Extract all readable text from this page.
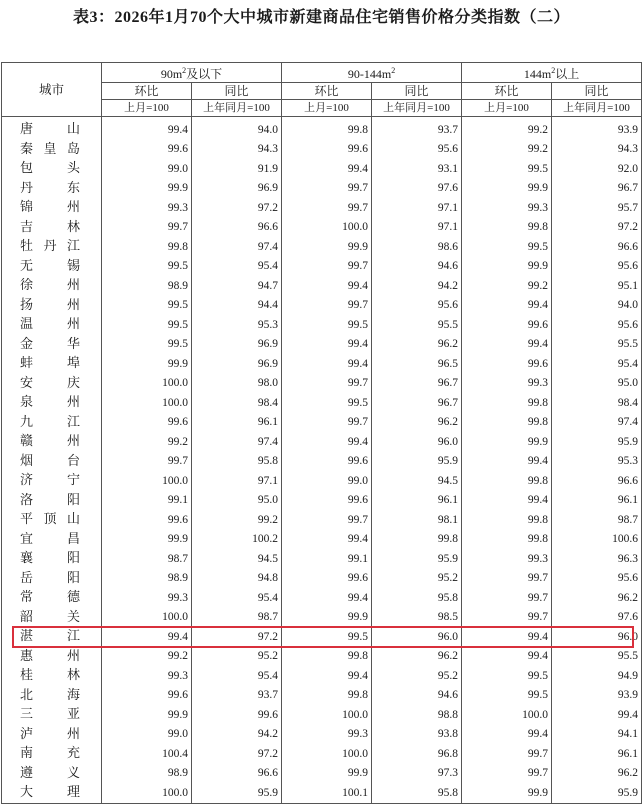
表3：2026年1月70个大中城市新建商品住宅销售价格分类指数（二）
城市	$90m^2$及以下		$90-144m^2$		$144m^2$以上	
	环比	同比	环比	同比	环比	同比
	上月=100	上年同月=100	上月=100	上年同月=100	上月=100	上年同月=100
唐山	99.4	94.0	99.8	93.7	99.2	93.9
秦皇岛	99.6	94.3	99.6	95.6	99.2	94.3
包头	99.0	91.9	99.4	93.1	99.5	92.0
丹东	99.9	96.9	99.7	97.6	99.9	96.7
锦州	99.3	97.2	99.7	97.1	99.3	95.7
吉林	99.7	96.6	100.0	97.1	99.8	97.2
牡丹江	99.8	97.4	99.9	98.6	99.5	96.6
无锡	99.5	95.4	99.7	94.6	99.9	95.6
徐州	98.9	94.7	99.4	94.2	99.2	95.1
扬州	99.5	94.4	99.7	95.6	99.4	94.0
温州	99.5	95.3	99.5	95.5	99.6	95.6
金华	99.5	96.9	99.4	96.2	99.4	95.5
蚌埠	99.9	96.9	99.4	96.5	99.6	95.4
安庆	100.0	98.0	99.7	96.7	99.3	95.0
泉州	100.0	98.4	99.5	96.7	99.8	98.4
九江	99.6	96.1	99.7	96.2	99.8	97.4
赣州	99.2	97.4	99.4	96.0	99.9	95.9
烟台	99.7	95.8	99.6	95.9	99.4	95.3
济宁	100.0	97.1	99.0	94.5	99.8	96.6
洛阳	99.1	95.0	99.6	96.1	99.4	96.1
平顶山	99.6	99.2	99.7	98.1	99.8	98.7
宜昌	99.9	100.2	99.4	99.8	99.8	100.6
襄阳	98.7	94.5	99.1	95.9	99.3	96.3
岳阳	98.9	94.8	99.6	95.2	99.7	95.6
常德	99.3	95.4	99.4	95.8	99.7	96.2
韶关	100.0	98.7	99.9	98.5	99.7	97.6
湛江	99.4	97.2	99.5	96.0	99.4	96.0
惠州	99.2	95.2	99.8	96.2	99.4	95.5
桂林	99.3	95.4	99.4	95.2	99.5	94.9
北海	99.6	93.7	99.8	94.6	99.5	93.9
三亚	99.9	99.6	100.0	98.8	100.0	99.4
泸州	99.0	94.2	99.3	93.8	99.4	94.1
南充	100.4	97.2	100.0	96.8	99.7	96.1
遵义	98.9	96.6	99.9	97.3	99.7	96.2
大理	100.0	95.9	100.1	95.8	99.9	95.9
